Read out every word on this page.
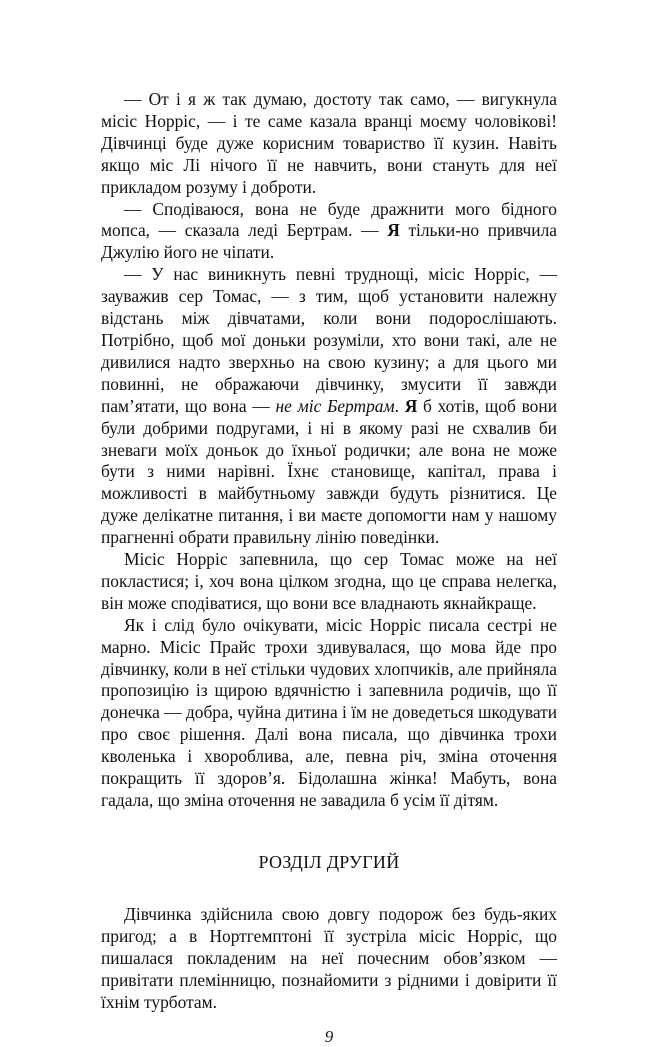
— От і я ж так думаю, достоту так само, — вигукнула місіс Норріс, — і те саме казала вранці моєму чоловікові! Дівчинці буде дуже корисним товариство її кузин. Навіть якщо міс Лі нічого її не навчить, вони стануть для неї прикладом розуму і доброти.

— Сподіваюся, вона не буде дражнити мого бідного мопса, — сказала леді Бертрам. — Я тільки-но привчила Джулію його не чіпати.

— У нас виникнуть певні труднощі, місіс Норріс, — зауважив сер Томас, — з тим, щоб установити належну відстань між дівчатами, коли вони подорослішають. Потрібно, щоб мої доньки розуміли, хто вони такі, але не дивилися надто зверхньо на свою кузину; а для цього ми повинні, не ображаючи дівчинку, змусити її завжди пам’ятати, що вона — не міс Бертрам. Я б хотів, щоб вони були добрими подругами, і ні в якому разі не схвалив би зневаги моїх доньок до їхньої родички; але вона не може бути з ними нарівні. Їхнє становище, капітал, права і можливості в майбутньому завжди будуть різнитися. Це дуже делікатне питання, і ви маєте допомогти нам у нашому прагненні обрати правильну лінію поведінки.

Місіс Норріс запевнила, що сер Томас може на неї покластися; і, хоч вона цілком згодна, що це справа нелегка, він може сподіватися, що вони все владнають якнайкраще.

Як і слід було очікувати, місіс Норріс писала сестрі не марно. Місіс Прайс трохи здивувалася, що мова йде про дівчинку, коли в неї стільки чудових хлопчиків, але прийняла пропозицію із щирою вдячністю і запевнила родичів, що її донечка — добра, чуйна дитина і їм не доведеться шкодувати про своє рішення. Далі вона писала, що дівчинка трохи кволенька і хвороблива, але, певна річ, зміна оточення покращить її здоров’я. Бідолашна жінка! Мабуть, вона гадала, що зміна оточення не завадила б усім її дітям.

РОЗДІЛ ДРУГИЙ

Дівчинка здійснила свою довгу подорож без будь-яких пригод; а в Нортгемптоні її зустріла місіс Норріс, що пишалася покладеним на неї почесним обов’язком — привітати племінницю, познайомити з рідними і довірити її їхнім турботам.

9
